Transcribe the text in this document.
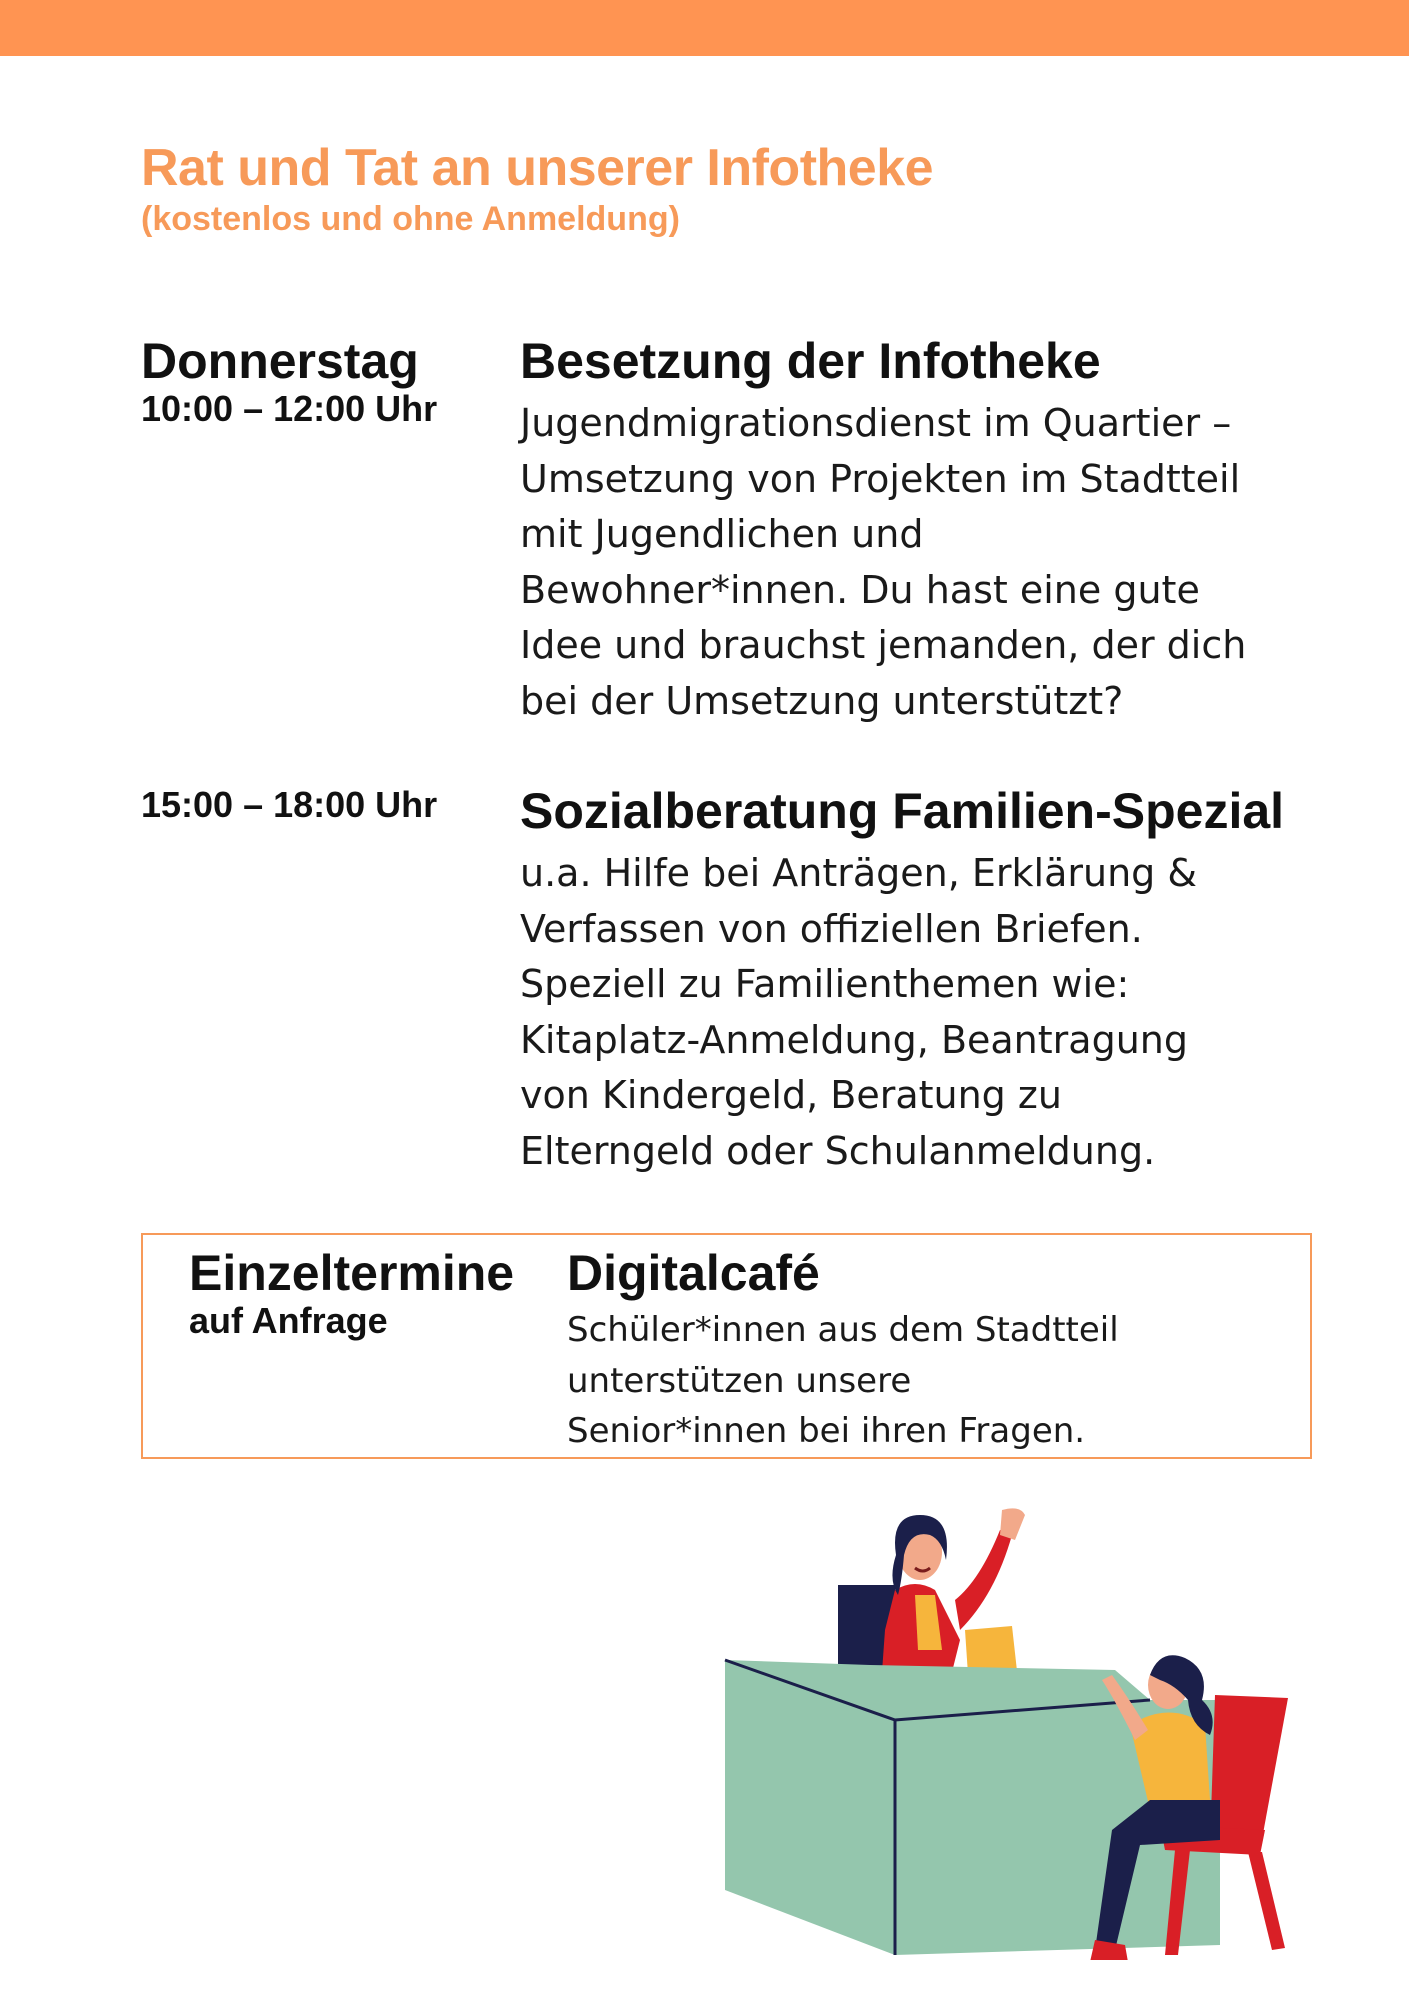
Rat und Tat an unserer Infotheke
(kostenlos und ohne Anmeldung)
Donnerstag
10:00 – 12:00 Uhr
Besetzung der Infotheke
Jugendmigrationsdienst im Quartier –
Umsetzung von Projekten im Stadtteil
mit Jugendlichen und
Bewohner*innen. Du hast eine gute
Idee und brauchst jemanden, der dich
bei der Umsetzung unterstützt?
15:00 – 18:00 Uhr Sozialberatung Familien-Spezial
u.a. Hilfe bei Anträgen, Erklärung &
Verfassen von offiziellen Briefen.
Speziell zu Familienthemen wie:
Kitaplatz-Anmeldung, Beantragung
von Kindergeld, Beratung zu
Elterngeld oder Schulanmeldung.
Einzeltermine
auf Anfrage
Digitalcafé
Schüler*innen aus dem Stadtteil
unterstützen unsere
Senior*innen bei ihren Fragen.
